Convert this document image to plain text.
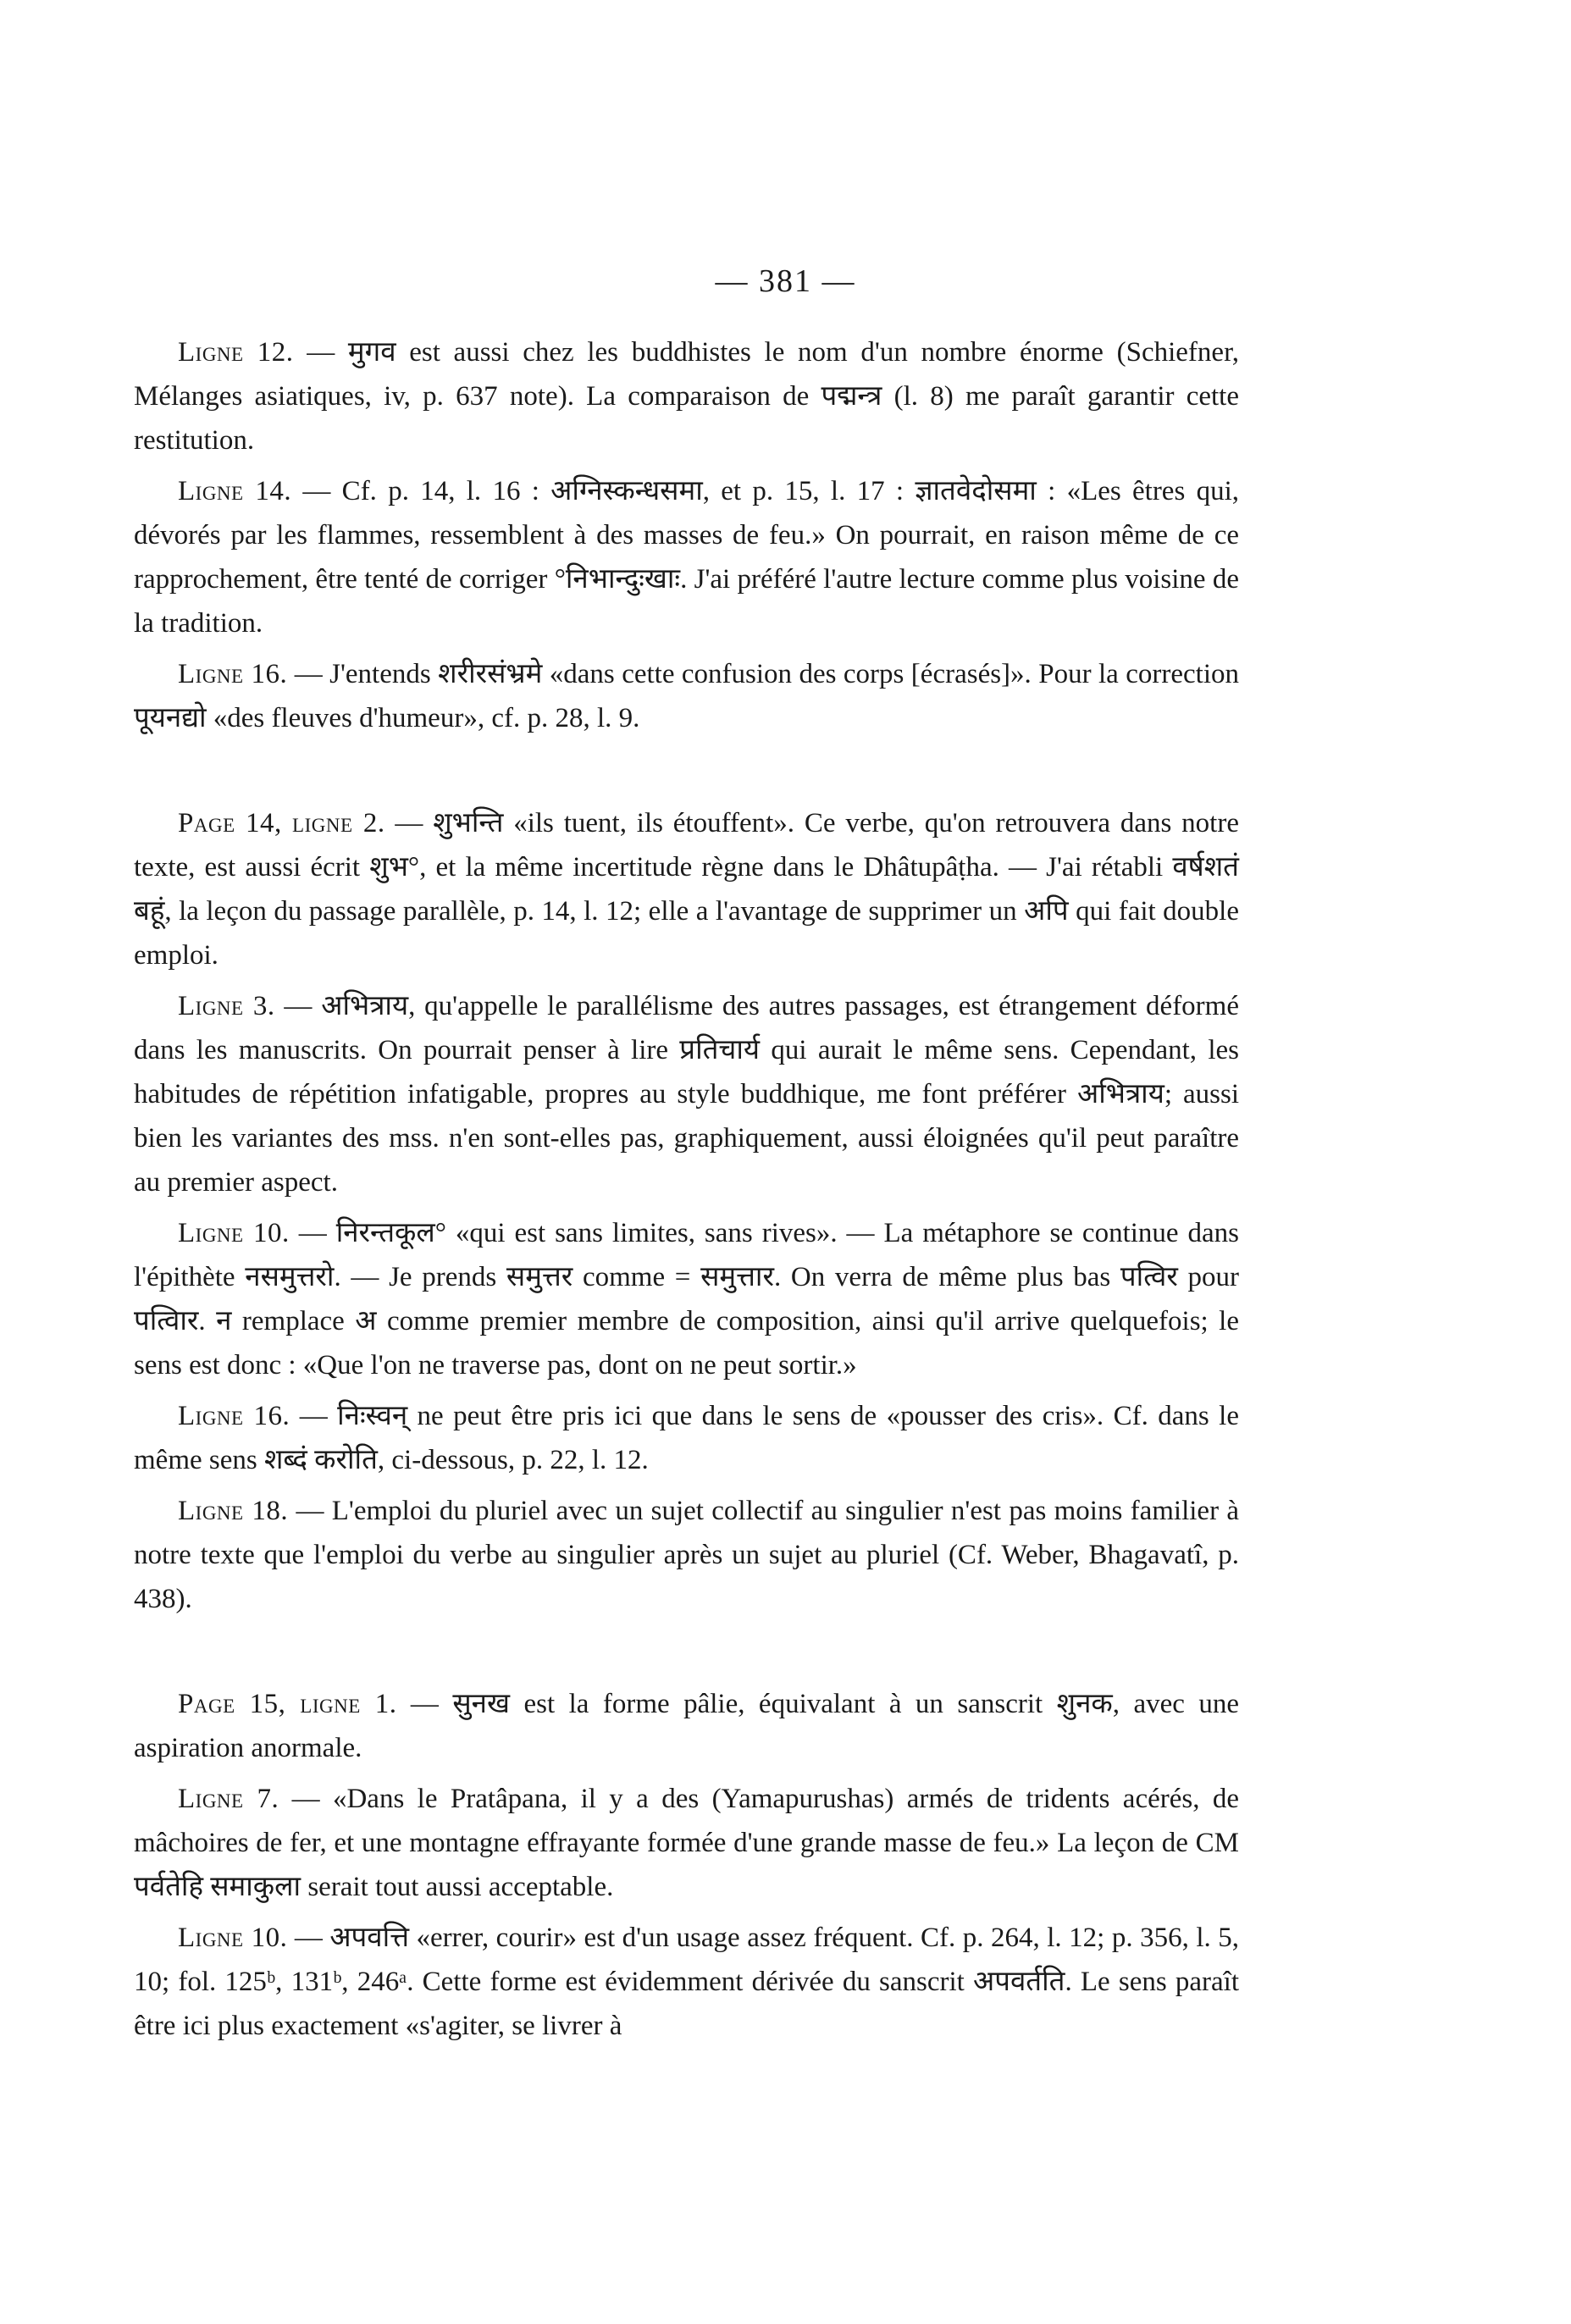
— 381 —

Ligne 12. — मुगव est aussi chez les buddhistes le nom d'un nombre énorme (Schiefner, Mélanges asiatiques, iv, p. 637 note). La comparaison de पद्मन्त्र (l. 8) me paraît garantir cette restitution.

Ligne 14. — Cf. p. 14, l. 16 : अग्निस्कन्धसमा, et p. 15, l. 17 : ज्ञातवेदोसमा : «Les êtres qui, dévorés par les flammes, ressemblent à des masses de feu.» On pourrait, en raison même de ce rapprochement, être tenté de corriger °निभान्दुःखाः. J'ai préféré l'autre lecture comme plus voisine de la tradition.

Ligne 16. — J'entends शरीरसंभ्रमे «dans cette confusion des corps [écrasés]». Pour la correction पूयनद्यो «des fleuves d'humeur», cf. p. 28, l. 9.

Page 14, ligne 2. — शुभन्ति «ils tuent, ils étouffent». Ce verbe, qu'on retrouvera dans notre texte, est aussi écrit शुभ°, et la même incertitude règne dans le Dhâtupâṭha. — J'ai rétabli वर्षशतं बहूं, la leçon du passage parallèle, p. 14, l. 12; elle a l'avantage de supprimer un अपि qui fait double emploi.

Ligne 3. — अभित्राय, qu'appelle le parallélisme des autres passages, est étrangement déformé dans les manuscrits. On pourrait penser à lire प्रतिचार्य qui aurait le même sens. Cependant, les habitudes de répétition infatigable, propres au style buddhique, me font préférer अभित्राय; aussi bien les variantes des mss. n'en sont-elles pas, graphiquement, aussi éloignées qu'il peut paraître au premier aspect.

Ligne 10. — निरन्तकूल° «qui est sans limites, sans rives». — La métaphore se continue dans l'épithète नसमुत्तरो. — Je prends समुत्तर comme = समुत्तार. On verra de même plus bas पत्विर pour पत्विार. न remplace अ comme premier membre de composition, ainsi qu'il arrive quelquefois; le sens est donc : «Que l'on ne traverse pas, dont on ne peut sortir.»

Ligne 16. — निःस्वन् ne peut être pris ici que dans le sens de «pousser des cris». Cf. dans le même sens शब्दं करोति, ci-dessous, p. 22, l. 12.

Ligne 18. — L'emploi du pluriel avec un sujet collectif au singulier n'est pas moins familier à notre texte que l'emploi du verbe au singulier après un sujet au pluriel (Cf. Weber, Bhagavatî, p. 438).

Page 15, ligne 1. — सुनख est la forme pâlie, équivalant à un sanscrit शुनक, avec une aspiration anormale.

Ligne 7. — «Dans le Pratâpana, il y a des (Yamapurushas) armés de tridents acérés, de mâchoires de fer, et une montagne effrayante formée d'une grande masse de feu.» La leçon de CM पर्वतेहि समाकुला serait tout aussi acceptable.

Ligne 10. — अपवत्ति «errer, courir» est d'un usage assez fréquent. Cf. p. 264, l. 12; p. 356, l. 5, 10; fol. 125ᵇ, 131ᵇ, 246ᵃ. Cette forme est évidemment dérivée du sanscrit अपवर्तति. Le sens paraît être ici plus exactement «s'agiter, se livrer à
